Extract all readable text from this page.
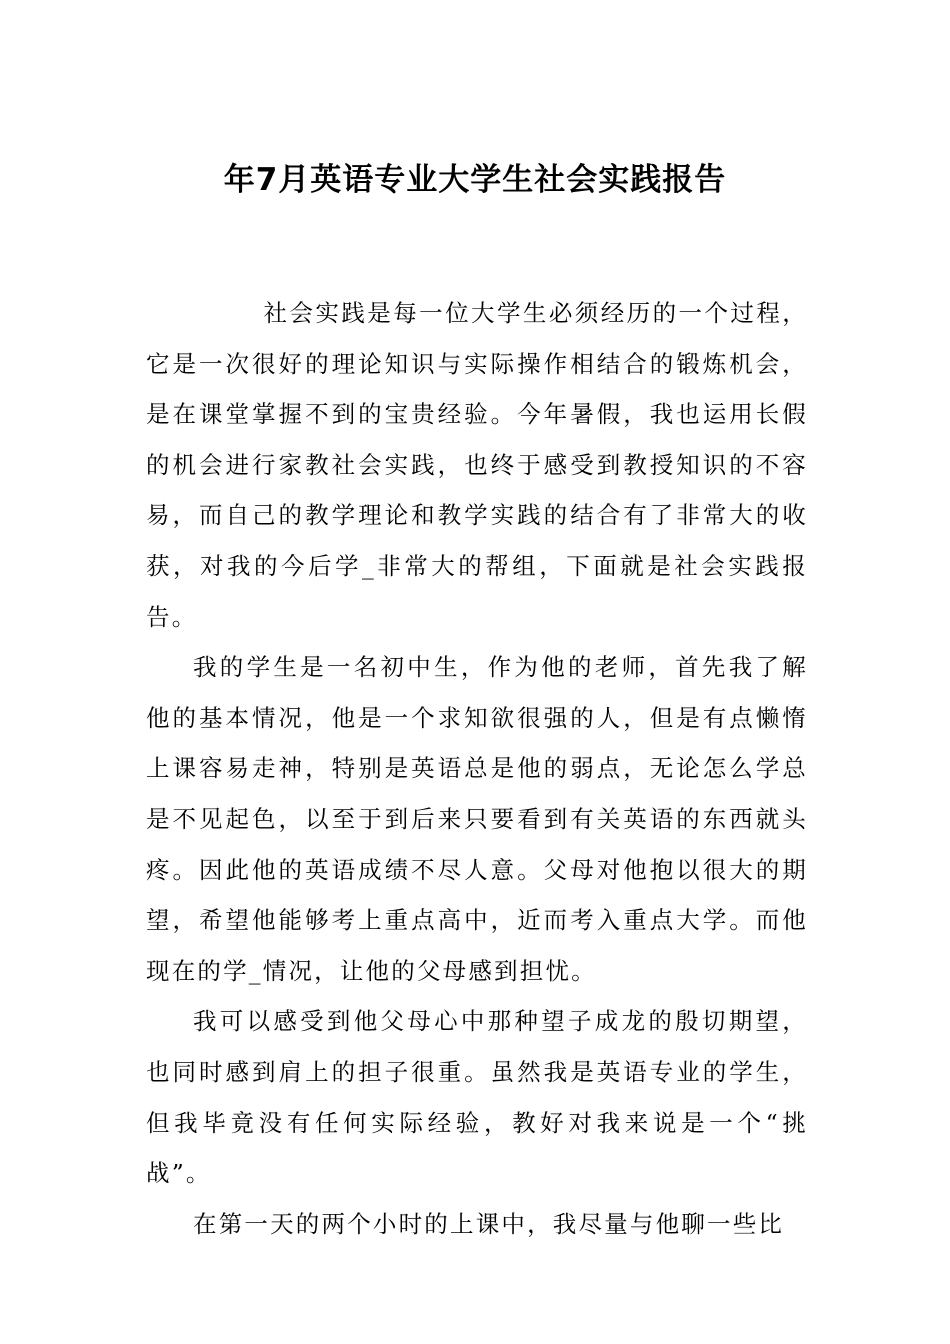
年7月英语专业大学生社会实践报告

社会实践是每一位大学生必须经历的一个过程，它是一次很好的理论知识与实际操作相结合的锻炼机会，是在课堂掌握不到的宝贵经验。今年暑假，我也运用长假的机会进行家教社会实践，也终于感受到教授知识的不容易，而自己的教学理论和教学实践的结合有了非常大的收获，对我的今后学_非常大的帮组，下面就是社会实践报告。

我的学生是一名初中生，作为他的老师，首先我了解他的基本情况，他是一个求知欲很强的人，但是有点懒惰上课容易走神，特别是英语总是他的弱点，无论怎么学总是不见起色，以至于到后来只要看到有关英语的东西就头疼。因此他的英语成绩不尽人意。父母对他抱以很大的期望，希望他能够考上重点高中，近而考入重点大学。而他现在的学_情况，让他的父母感到担忧。

我可以感受到他父母心中那种望子成龙的殷切期望，也同时感到肩上的担子很重。虽然我是英语专业的学生，但我毕竟没有任何实际经验，教好对我来说是一个“挑战”。

在第一天的两个小时的上课中，我尽量与他聊一些比
